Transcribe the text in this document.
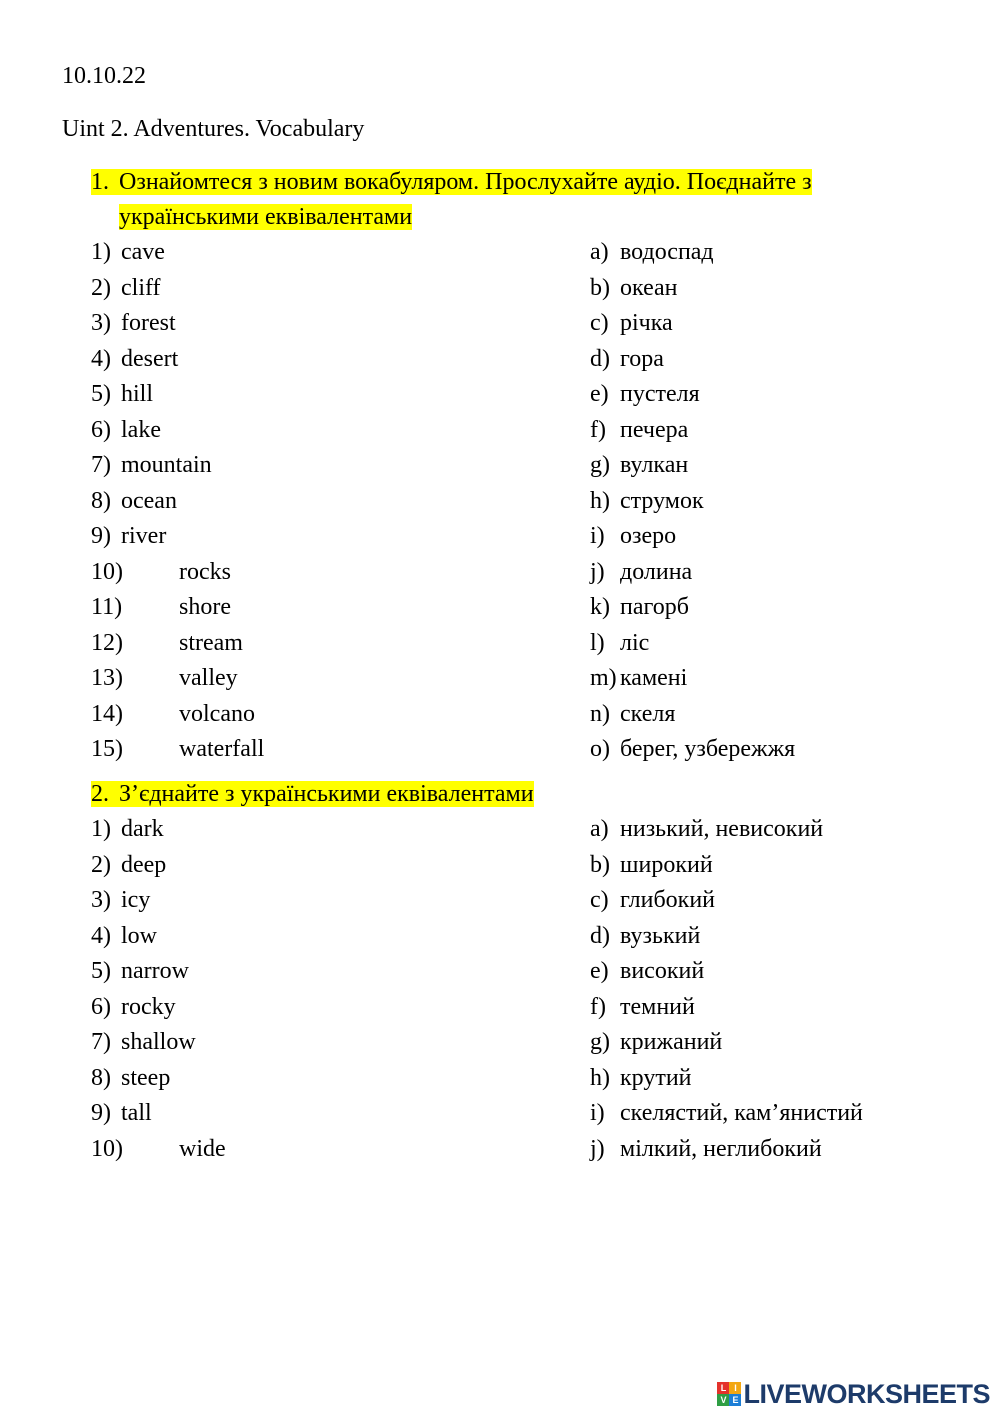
10.10.22
Uint 2. Adventures. Vocabulary
1. Ознайомтеся з новим вокабуляром. Прослухайте аудіо. Поєднайте з
українськими еквівалентами
1) cave
2) cliff
3) forest
4) desert
5) hill
6) lake
7) mountain
8) ocean
9) river
10) rocks
11) shore
12) stream
13) valley
14) volcano
15) waterfall
a) водоспад
b) океан
c) річка
d) гора
e) пустеля
f) печера
g) вулкан
h) струмок
i) озеро
j) долина
k) пагорб
l) ліс
m) камені
n) скеля
o) берег, узбережжя
2. З’єднайте з українськими еквівалентами
1) dark
2) deep
3) icy
4) low
5) narrow
6) rocky
7) shallow
8) steep
9) tall
10) wide
a) низький, невисокий
b) широкий
c) глибокий
d) вузький
e) високий
f) темний
g) крижаний
h) крутий
i) скелястий, кам’янистий
j) мілкий, неглибокий
L I
V E LIVEWORKSHEETS
